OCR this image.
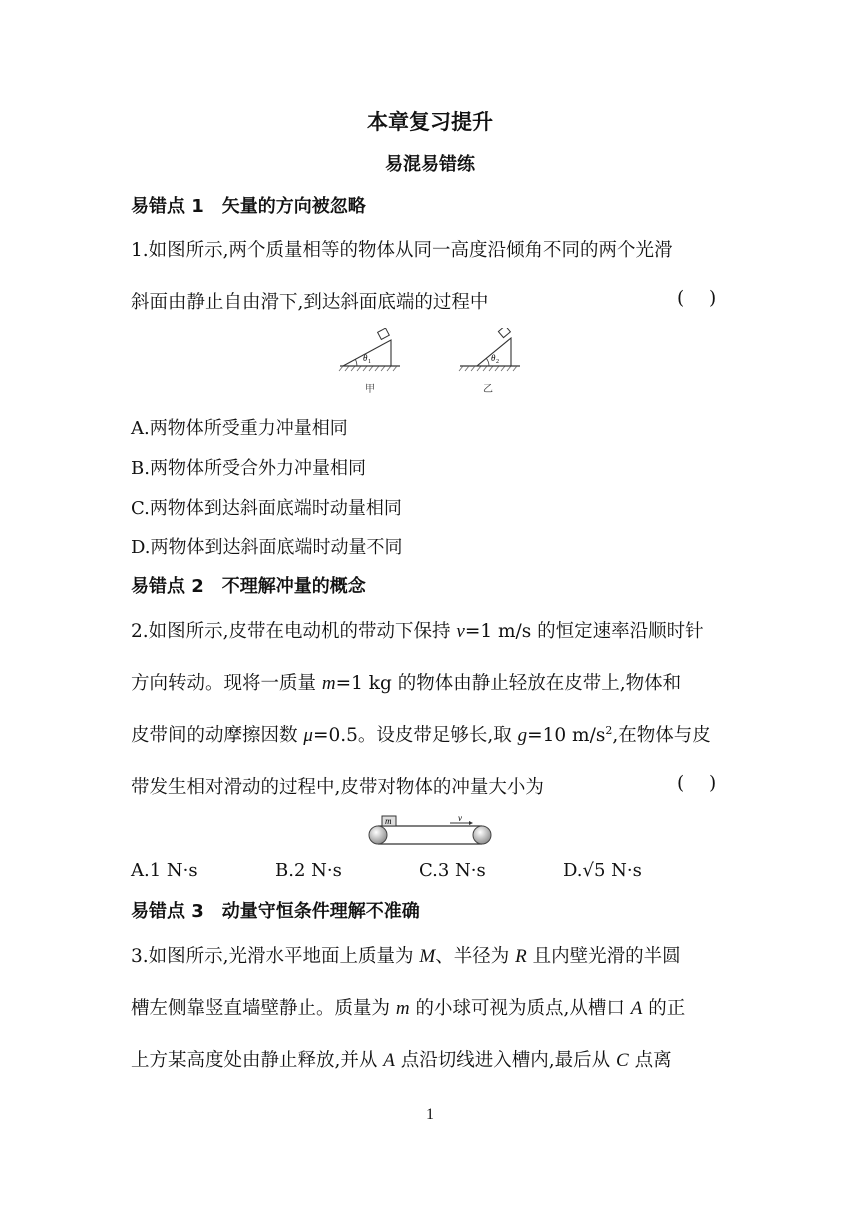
本章复习提升
易混易错练
易错点 1 矢量的方向被忽略
1.如图所示,两个质量相等的物体从同一高度沿倾角不同的两个光滑
斜面由静止自由滑下,到达斜面底端的过程中	( )
θ 1
甲
θ 2
乙
A.两物体所受重力冲量相同
B.两物体所受合外力冲量相同
C.两物体到达斜面底端时动量相同
D.两物体到达斜面底端时动量不同
易错点 2 不理解冲量的概念
2.如图所示,皮带在电动机的带动下保持 v=1 m/s 的恒定速率沿顺时针
方向转动。现将一质量 m=1 kg 的物体由静止轻放在皮带上,物体和
皮带间的动摩擦因数 μ=0.5。设皮带足够长,取 g=10 $m/s^2$,在物体与皮
带发生相对滑动的过程中,皮带对物体的冲量大小为	( )
m	v
A.1 N·s	B.2 N·s	C.3 N·s	D.√5 N·s
易错点 3 动量守恒条件理解不准确
3.如图所示,光滑水平地面上质量为 M、半径为 R 且内壁光滑的半圆
槽左侧靠竖直墙壁静止。质量为 m 的小球可视为质点,从槽口 A 的正
上方某高度处由静止释放,并从 A 点沿切线进入槽内,最后从 C 点离
1
